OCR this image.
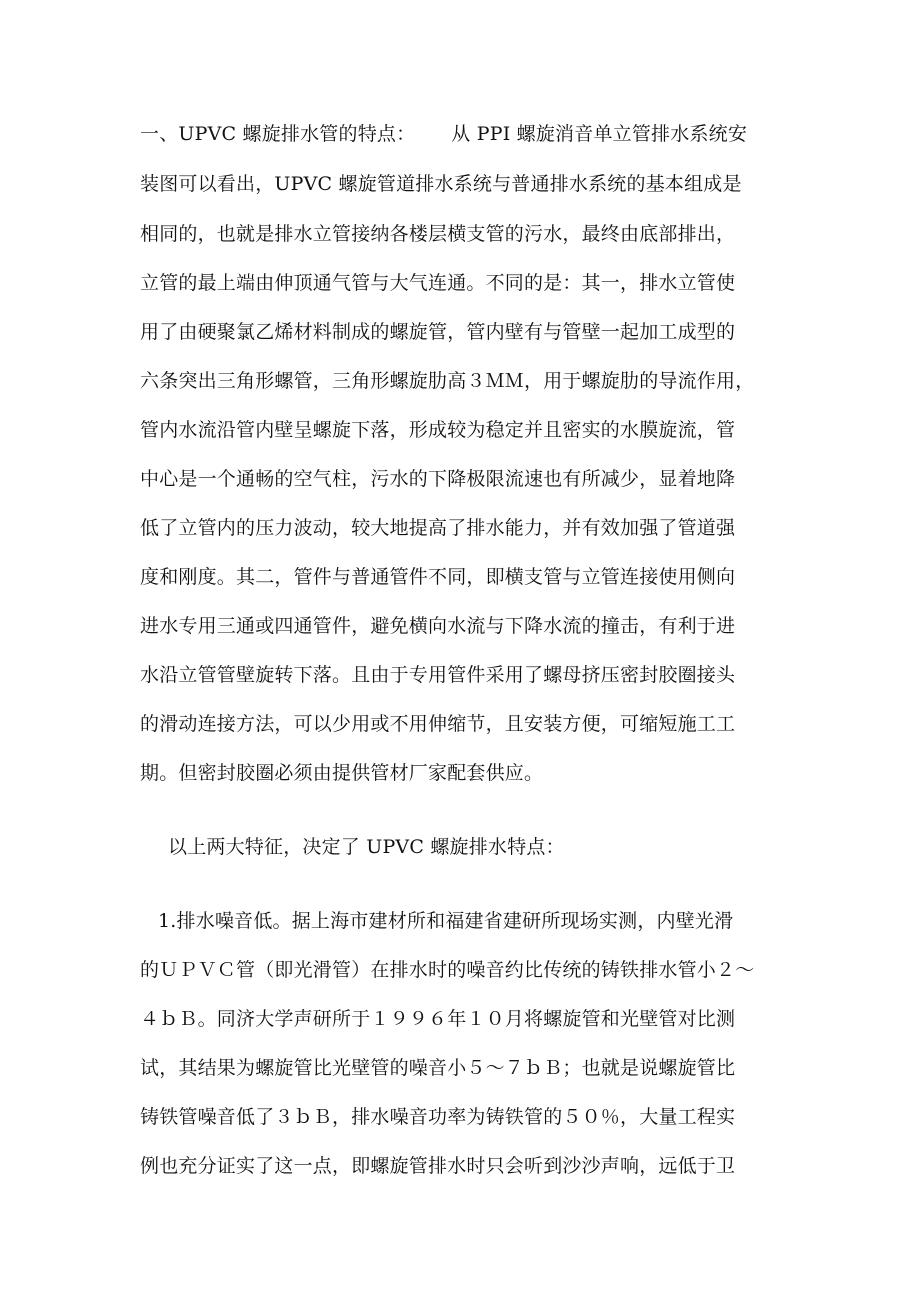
一、UPVC 螺旋排水管的特点： 从 PPI 螺旋消音单立管排水系统安
装图可以看出，UPVC 螺旋管道排水系统与普通排水系统的基本组成是
相同的，也就是排水立管接纳各楼层横支管的污水，最终由底部排出，
立管的最上端由伸顶通气管与大气连通。不同的是：其一，排水立管使
用了由硬聚氯乙烯材料制成的螺旋管，管内壁有与管壁一起加工成型的
六条突出三角形螺管，三角形螺旋肋高３ＭＭ，用于螺旋肋的导流作用，
管内水流沿管内壁呈螺旋下落，形成较为稳定并且密实的水膜旋流，管
中心是一个通畅的空气柱，污水的下降极限流速也有所减少，显着地降
低了立管内的压力波动，较大地提高了排水能力，并有效加强了管道强
度和刚度。其二，管件与普通管件不同，即横支管与立管连接使用侧向
进水专用三通或四通管件，避免横向水流与下降水流的撞击，有利于进
水沿立管管壁旋转下落。且由于专用管件采用了螺母挤压密封胶圈接头
的滑动连接方法，可以少用或不用伸缩节，且安装方便，可缩短施工工
期。但密封胶圈必须由提供管材厂家配套供应。
以上两大特征，决定了 UPVC 螺旋排水特点：
1.排水噪音低。据上海市建材所和福建省建研所现场实测，内壁光滑
的ＵＰＶＣ管（即光滑管）在排水时的噪音约比传统的铸铁排水管小２～
４ｂＢ。同济大学声研所于１９９６年１０月将螺旋管和光壁管对比测
试，其结果为螺旋管比光壁管的噪音小５～７ｂＢ；也就是说螺旋管比
铸铁管噪音低了３ｂＢ，排水噪音功率为铸铁管的５０％，大量工程实
例也充分证实了这一点，即螺旋管排水时只会听到沙沙声响，远低于卫
